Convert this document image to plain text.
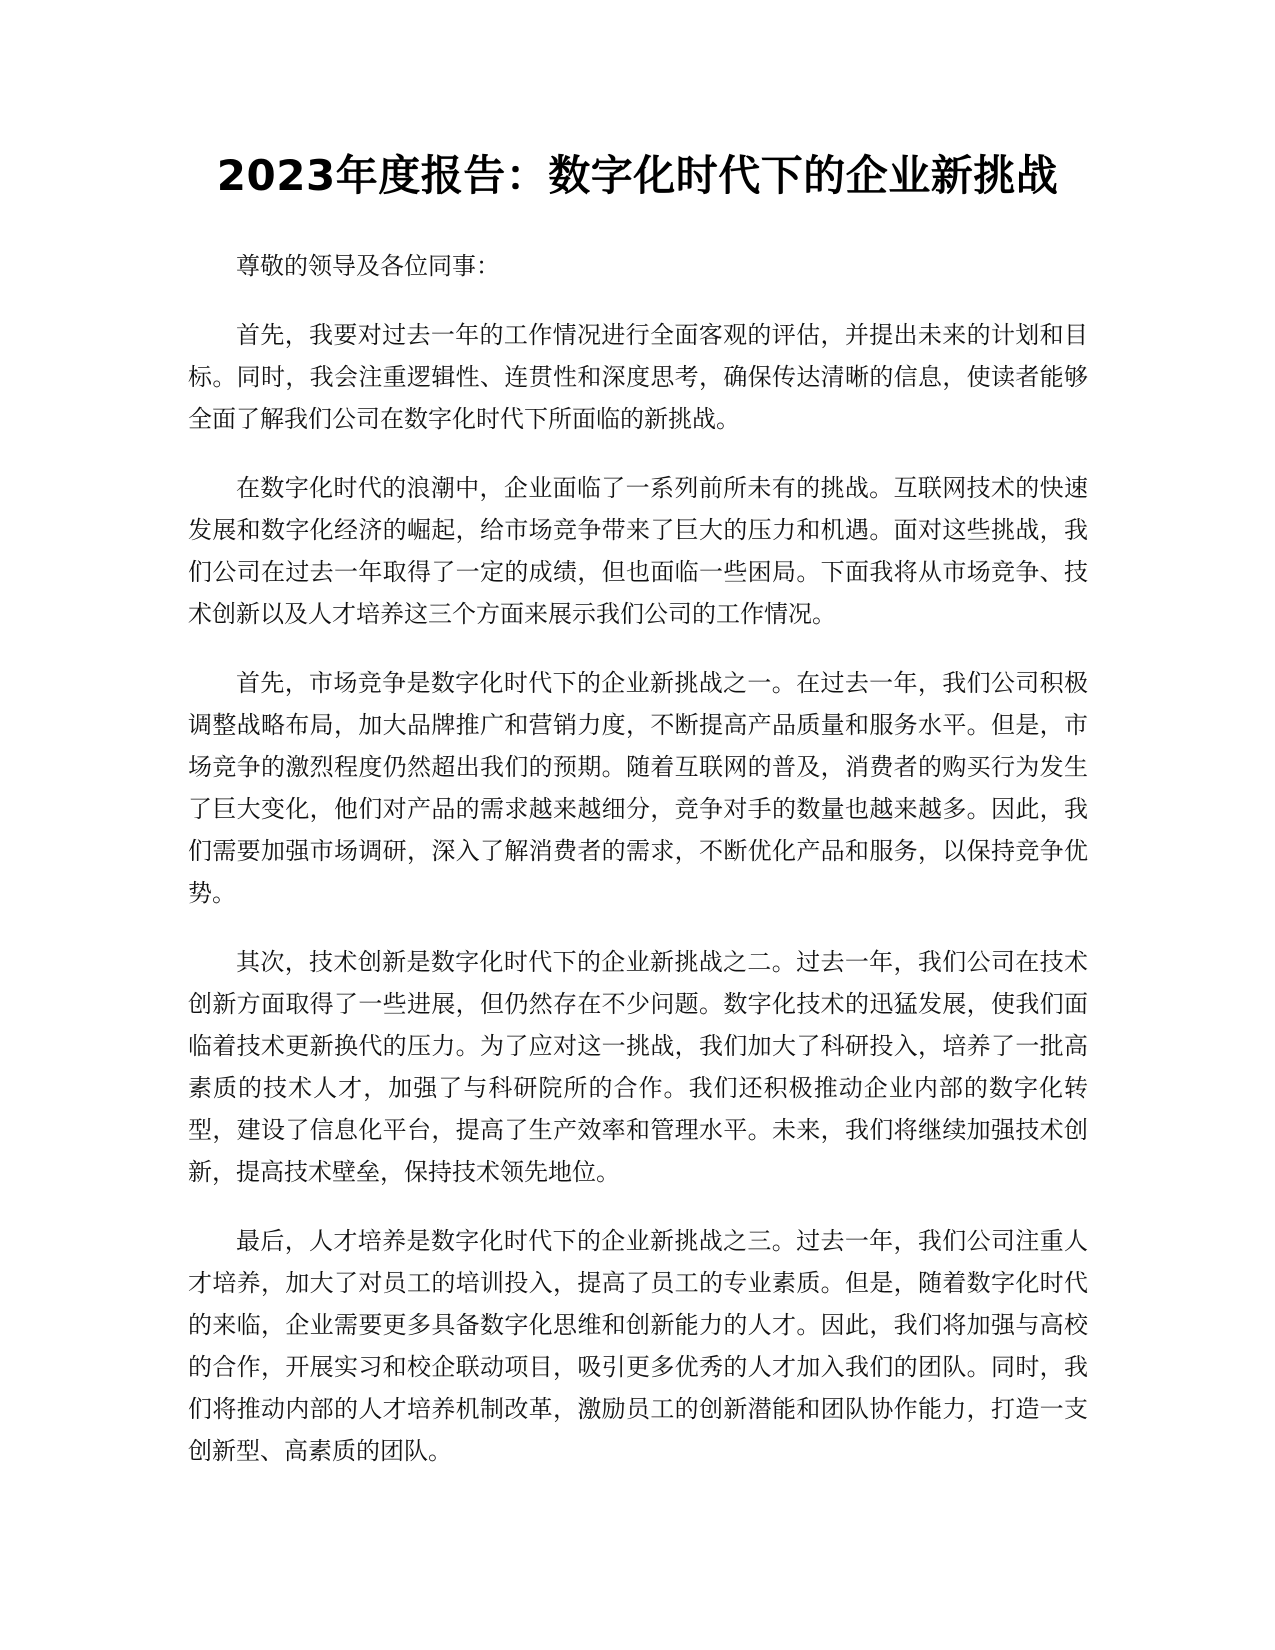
2023年度报告：数字化时代下的企业新挑战

尊敬的领导及各位同事：

首先，我要对过去一年的工作情况进行全面客观的评估，并提出未来的计划和目标。同时，我会注重逻辑性、连贯性和深度思考，确保传达清晰的信息，使读者能够全面了解我们公司在数字化时代下所面临的新挑战。

在数字化时代的浪潮中，企业面临了一系列前所未有的挑战。互联网技术的快速发展和数字化经济的崛起，给市场竞争带来了巨大的压力和机遇。面对这些挑战，我们公司在过去一年取得了一定的成绩，但也面临一些困局。下面我将从市场竞争、技术创新以及人才培养这三个方面来展示我们公司的工作情况。

首先，市场竞争是数字化时代下的企业新挑战之一。在过去一年，我们公司积极调整战略布局，加大品牌推广和营销力度，不断提高产品质量和服务水平。但是，市场竞争的激烈程度仍然超出我们的预期。随着互联网的普及，消费者的购买行为发生了巨大变化，他们对产品的需求越来越细分，竞争对手的数量也越来越多。因此，我们需要加强市场调研，深入了解消费者的需求，不断优化产品和服务，以保持竞争优势。

其次，技术创新是数字化时代下的企业新挑战之二。过去一年，我们公司在技术创新方面取得了一些进展，但仍然存在不少问题。数字化技术的迅猛发展，使我们面临着技术更新换代的压力。为了应对这一挑战，我们加大了科研投入，培养了一批高素质的技术人才，加强了与科研院所的合作。我们还积极推动企业内部的数字化转型，建设了信息化平台，提高了生产效率和管理水平。未来，我们将继续加强技术创新，提高技术壁垒，保持技术领先地位。

最后，人才培养是数字化时代下的企业新挑战之三。过去一年，我们公司注重人才培养，加大了对员工的培训投入，提高了员工的专业素质。但是，随着数字化时代的来临，企业需要更多具备数字化思维和创新能力的人才。因此，我们将加强与高校的合作，开展实习和校企联动项目，吸引更多优秀的人才加入我们的团队。同时，我们将推动内部的人才培养机制改革，激励员工的创新潜能和团队协作能力，打造一支创新型、高素质的团队。
